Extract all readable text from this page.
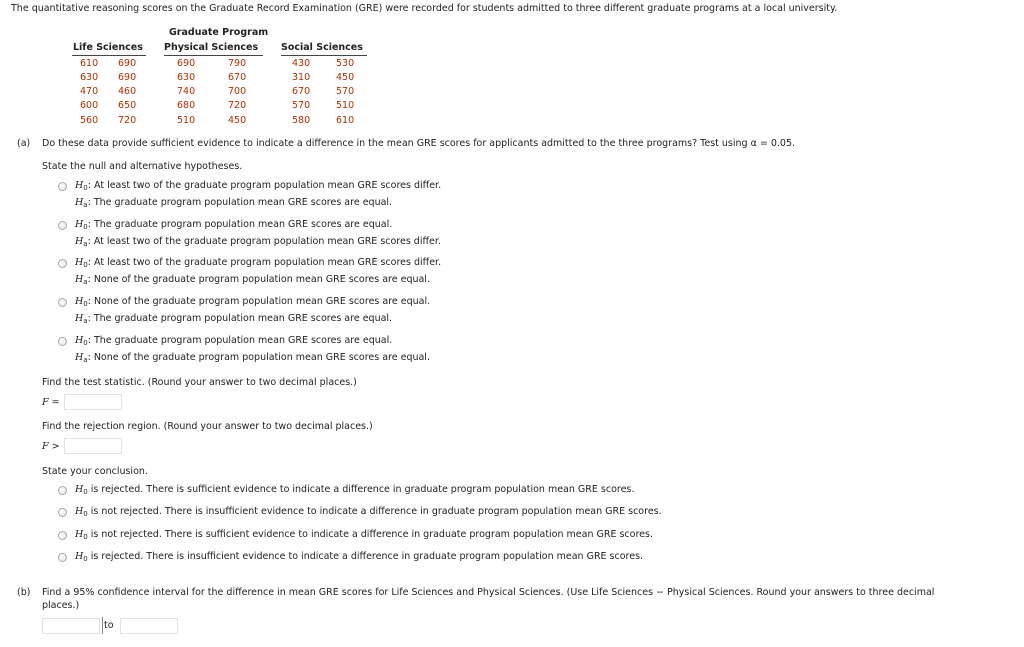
The quantitative reasoning scores on the Graduate Record Examination (GRE) were recorded for students admitted to three different graduate programs at a local university.
Graduate Program
Life Sciences Physical Sciences Social Sciences
610	690	690	790	430	530
630	690	630	670	310	450
470	460	740	700	670	570
600	650	680	720	570	510
560	720	510	450	580	610
(a) Do these data provide sufficient evidence to indicate a difference in the mean GRE scores for applicants admitted to the three programs? Test using α = 0.05.
State the null and alternative hypotheses.
$H_0$: At least two of the graduate program population mean GRE scores differ.
$H_a$: The graduate program population mean GRE scores are equal.
$H_0$: The graduate program population mean GRE scores are equal.
$H_a$: At least two of the graduate program population mean GRE scores differ.
$H_0$: At least two of the graduate program population mean GRE scores differ.
$H_a$: None of the graduate program population mean GRE scores are equal.
$H_0$: None of the graduate program population mean GRE scores are equal.
$H_a$: The graduate program population mean GRE scores are equal.
$H_0$: The graduate program population mean GRE scores are equal.
$H_a$: None of the graduate program population mean GRE scores are equal.
Find the test statistic. (Round your answer to two decimal places.)
F =
Find the rejection region. (Round your answer to two decimal places.)
F >
State your conclusion.
$H_0$ is rejected. There is sufficient evidence to indicate a difference in graduate program population mean GRE scores.
$H_0$ is not rejected. There is insufficient evidence to indicate a difference in graduate program population mean GRE scores.
$H_0$ is not rejected. There is sufficient evidence to indicate a difference in graduate program population mean GRE scores.
$H_0$ is rejected. There is insufficient evidence to indicate a difference in graduate program population mean GRE scores.
(b) Find a 95% confidence interval for the difference in mean GRE scores for Life Sciences and Physical Sciences. (Use Life Sciences − Physical Sciences. Round your answers to three decimal
places.)
to
